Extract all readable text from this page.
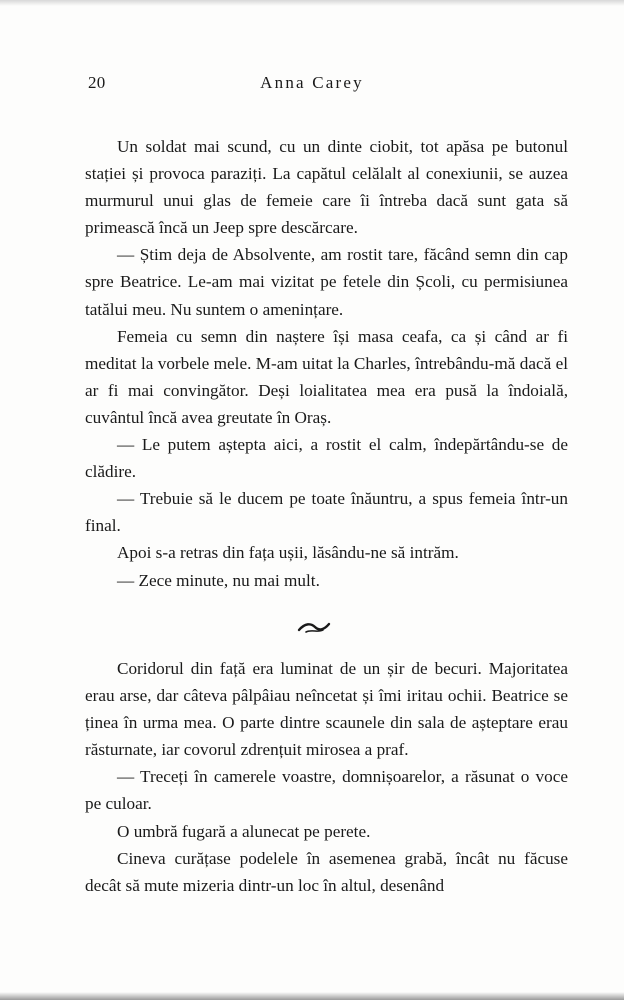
20	Anna Carey

Un soldat mai scund, cu un dinte ciobit, tot apăsa pe butonul stației și provoca paraziți. La capătul celălalt al conexiunii, se auzea murmurul unui glas de femeie care îi întreba dacă sunt gata să primească încă un Jeep spre descărcare.

— Știm deja de Absolvente, am rostit tare, făcând semn din cap spre Beatrice. Le-am mai vizitat pe fetele din Școli, cu permisiunea tatălui meu. Nu suntem o amenințare.

Femeia cu semn din naștere își masa ceafa, ca și când ar fi meditat la vorbele mele. M-am uitat la Charles, întrebându-mă dacă el ar fi mai convingător. Deși loialitatea mea era pusă la îndoială, cuvântul încă avea greutate în Oraș.

— Le putem aștepta aici, a rostit el calm, îndepărtându-se de clădire.

— Trebuie să le ducem pe toate înăuntru, a spus femeia într-un final.

Apoi s-a retras din fața ușii, lăsându-ne să intrăm.

— Zece minute, nu mai mult.

Coridorul din față era luminat de un șir de becuri. Majoritatea erau arse, dar câteva pâlpâiau neîncetat și îmi iritau ochii. Beatrice se ținea în urma mea. O parte dintre scaunele din sala de așteptare erau răsturnate, iar covorul zdrențuit mirosea a praf.

— Treceți în camerele voastre, domnișoarelor, a răsunat o voce pe culoar.

O umbră fugară a alunecat pe perete.

Cineva curățase podelele în asemenea grabă, încât nu făcuse decât să mute mizeria dintr-un loc în altul, desenând
